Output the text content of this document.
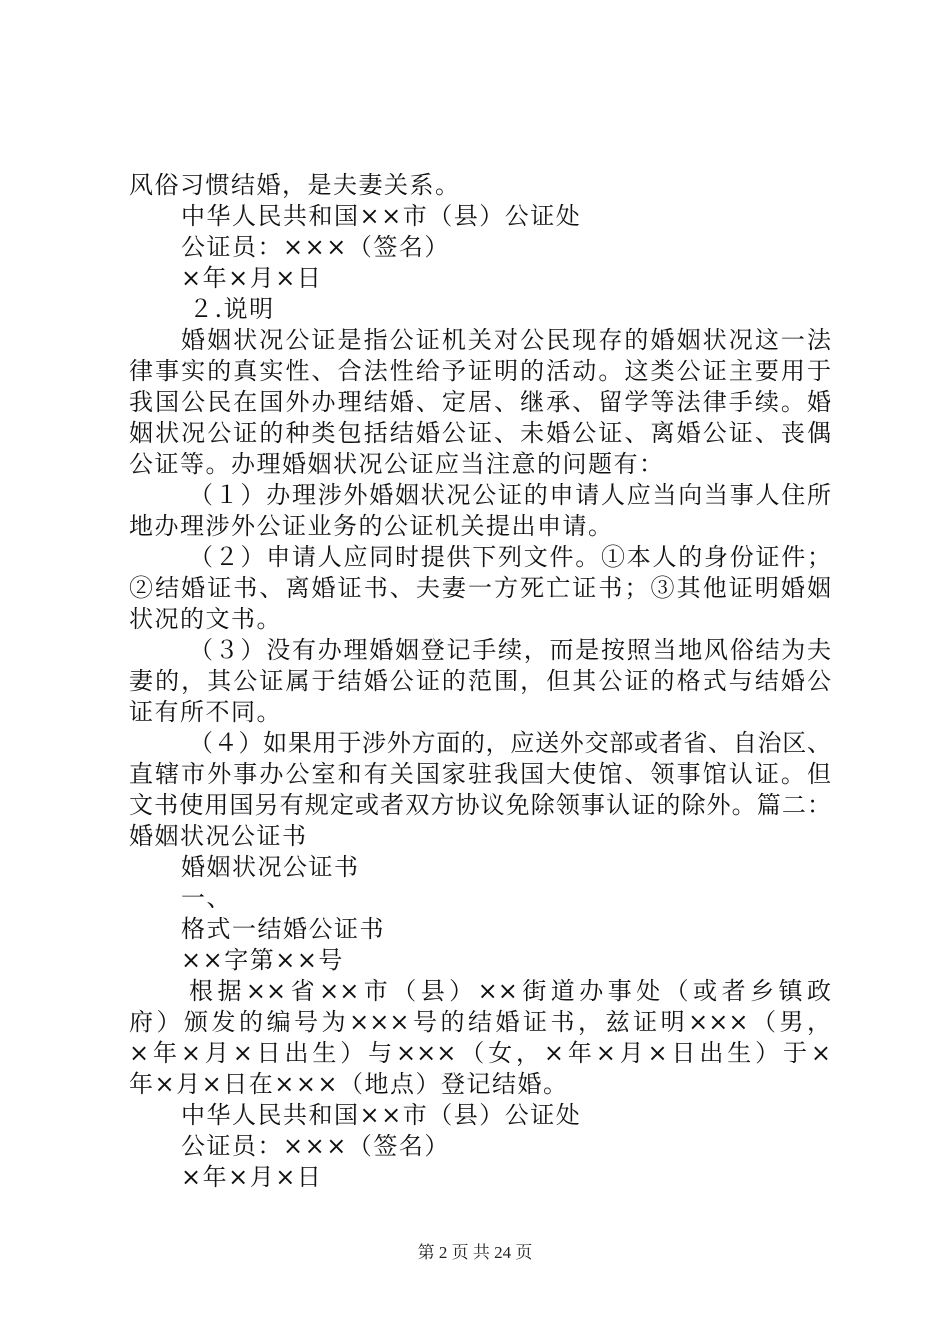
风俗习惯结婚，是夫妻关系。
中华人民共和国××市（县）公证处
公证员：×××（签名）
×年×月×日
２.说明
婚姻状况公证是指公证机关对公民现存的婚姻状况这一法
律事实的真实性、合法性给予证明的活动。这类公证主要用于
我国公民在国外办理结婚、定居、继承、留学等法律手续。婚
姻状况公证的种类包括结婚公证、未婚公证、离婚公证、丧偶
公证等。办理婚姻状况公证应当注意的问题有：
（１）办理涉外婚姻状况公证的申请人应当向当事人住所
地办理涉外公证业务的公证机关提出申请。
（２）申请人应同时提供下列文件。①本人的身份证件；
②结婚证书、离婚证书、夫妻一方死亡证书；③其他证明婚姻
状况的文书。
（３）没有办理婚姻登记手续，而是按照当地风俗结为夫
妻的，其公证属于结婚公证的范围，但其公证的格式与结婚公
证有所不同。
（４）如果用于涉外方面的，应送外交部或者省、自治区、
直辖市外事办公室和有关国家驻我国大使馆、领事馆认证。但
文书使用国另有规定或者双方协议免除领事认证的除外。篇二：
婚姻状况公证书
婚姻状况公证书
一、
格式一结婚公证书
××字第××号
根据××省××市（县）××街道办事处（或者乡镇政
府）颁发的编号为×××号的结婚证书，兹证明×××（男，
×年×月×日出生）与×××（女，×年×月×日出生）于×
年×月×日在×××（地点）登记结婚。
中华人民共和国××市（县）公证处
公证员：×××（签名）
×年×月×日
第 2 页 共 24 页
